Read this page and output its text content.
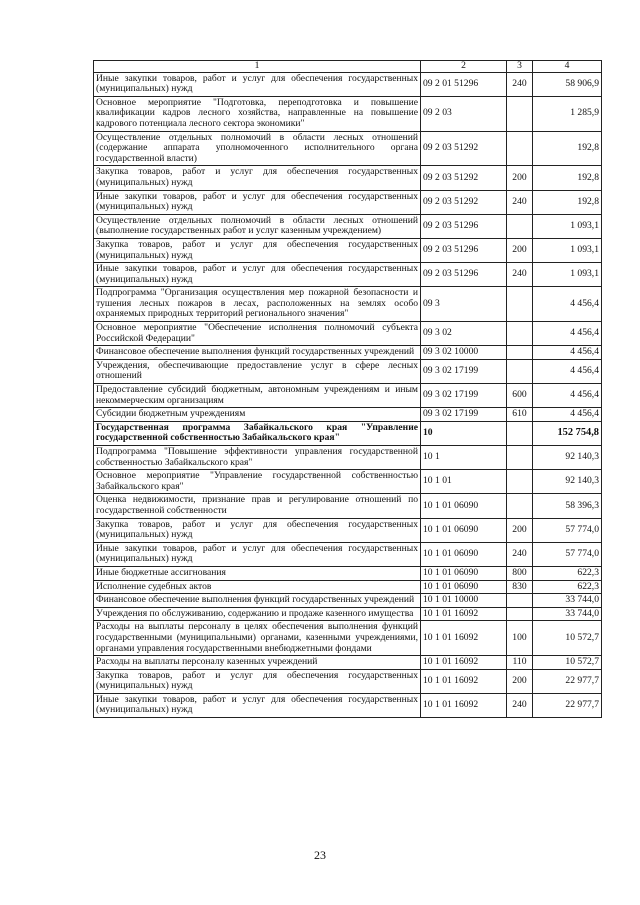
1	2	3	4
Иные закупки товаров, работ и услуг для обеспечения государственных (муниципальных) нужд	09 2 01 51296	240	58 906,9
Основное мероприятие "Подготовка, переподготовка и повышение квалификации кадров лесного хозяйства, направленные на повышение кадрового потенциала лесного сектора экономики"	09 2 03		1 285,9
Осуществление отдельных полномочий в области лесных отношений (содержание аппарата уполномоченного исполнительного органа государственной власти)	09 2 03 51292		192,8
Закупка товаров, работ и услуг для обеспечения государственных (муниципальных) нужд	09 2 03 51292	200	192,8
Иные закупки товаров, работ и услуг для обеспечения государственных (муниципальных) нужд	09 2 03 51292	240	192,8
Осуществление отдельных полномочий в области лесных отношений (выполнение государственных работ и услуг казенным учреждением)	09 2 03 51296		1 093,1
Закупка товаров, работ и услуг для обеспечения государственных (муниципальных) нужд	09 2 03 51296	200	1 093,1
Иные закупки товаров, работ и услуг для обеспечения государственных (муниципальных) нужд	09 2 03 51296	240	1 093,1
Подпрограмма "Организация осуществления мер пожарной безопасности и тушения лесных пожаров в лесах, расположенных на землях особо охраняемых природных территорий регионального значения"	09 3		4 456,4
Основное мероприятие "Обеспечение исполнения полномочий субъекта Российской Федерации"	09 3 02		4 456,4
Финансовое обеспечение выполнения функций государственных учреждений	09 3 02 10000		4 456,4
Учреждения, обеспечивающие предоставление услуг в сфере лесных отношений	09 3 02 17199		4 456,4
Предоставление субсидий бюджетным, автономным учреждениям и иным некоммерческим организациям	09 3 02 17199	600	4 456,4
Субсидии бюджетным учреждениям	09 3 02 17199	610	4 456,4
Государственная программа Забайкальского края "Управление государственной собственностью Забайкальского края"	10		152 754,8
Подпрограмма "Повышение эффективности управления государственной собственностью Забайкальского края"	10 1		92 140,3
Основное мероприятие "Управление государственной собственностью Забайкальского края"	10 1 01		92 140,3
Оценка недвижимости, признание прав и регулирование отношений по государственной собственности	10 1 01 06090		58 396,3
Закупка товаров, работ и услуг для обеспечения государственных (муниципальных) нужд	10 1 01 06090	200	57 774,0
Иные закупки товаров, работ и услуг для обеспечения государственных (муниципальных) нужд	10 1 01 06090	240	57 774,0
Иные бюджетные ассигнования	10 1 01 06090	800	622,3
Исполнение судебных актов	10 1 01 06090	830	622,3
Финансовое обеспечение выполнения функций государственных учреждений	10 1 01 10000		33 744,0
Учреждения по обслуживанию, содержанию и продаже казенного имущества	10 1 01 16092		33 744,0
Расходы на выплаты персоналу в целях обеспечения выполнения функций государственными (муниципальными) органами, казенными учреждениями, органами управления государственными внебюджетными фондами	10 1 01 16092	100	10 572,7
Расходы на выплаты персоналу казенных учреждений	10 1 01 16092	110	10 572,7
Закупка товаров, работ и услуг для обеспечения государственных (муниципальных) нужд	10 1 01 16092	200	22 977,7
Иные закупки товаров, работ и услуг для обеспечения государственных (муниципальных) нужд	10 1 01 16092	240	22 977,7
23
